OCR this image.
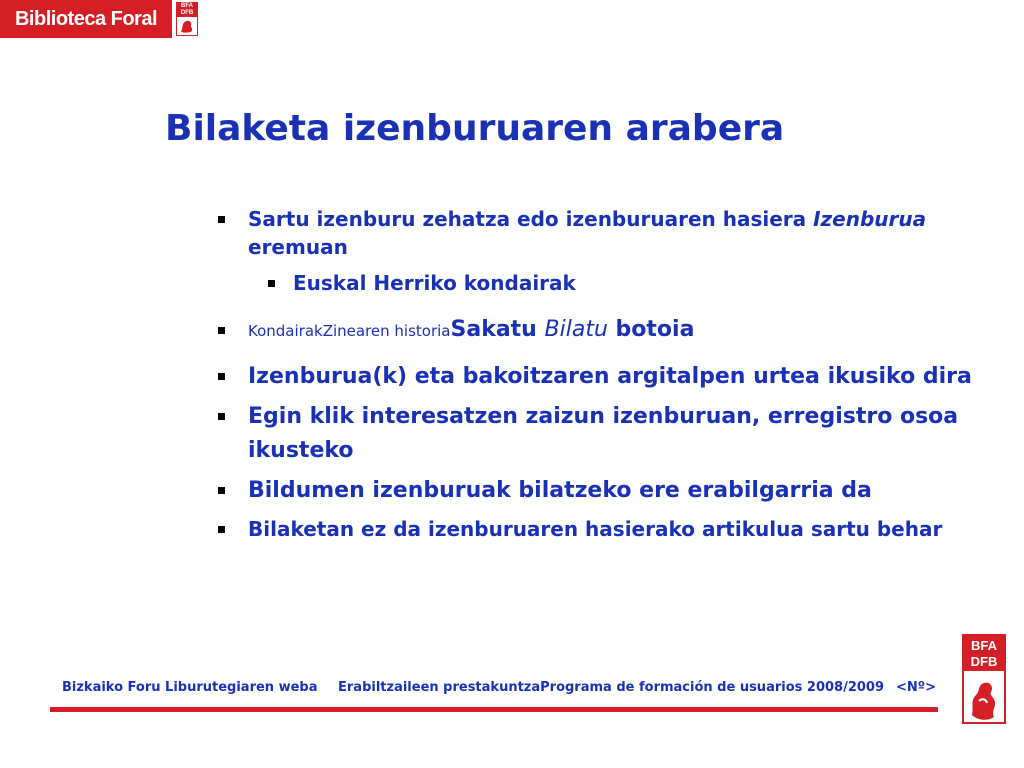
Biblioteca Foral
BFA
DFB
Bilaketa izenburuaren arabera
Sartu izenburu zehatza edo izenburuaren hasiera Izenburua eremuan
Euskal Herriko kondairak
KondairakZinearen historiaSakatu Bilatu botoia
Izenburua(k) eta bakoitzaren argitalpen urtea ikusiko dira
Egin klik interesatzen zaizun izenburuan, erregistro osoa ikusteko
Bildumen izenburuak bilatzeko ere erabilgarria da
Bilaketan ez da izenburuaren hasierako artikulua sartu behar
Bizkaiko Foru Liburutegiaren weba Erabiltzaileen prestakuntzaPrograma de formación de usuarios 2008/2009 <Nº>
BFA
DFB
